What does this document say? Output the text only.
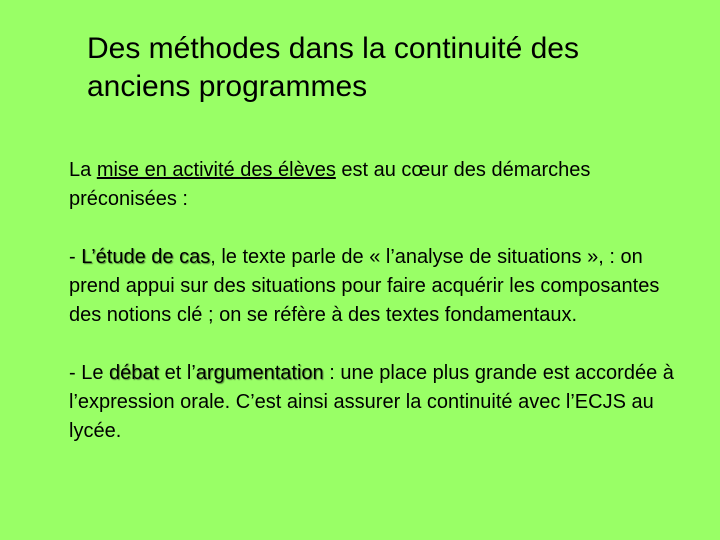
Des méthodes dans la continuité des
anciens programmes

La mise en activité des élèves est au cœur des démarches préconisées :

- L’étude de cas, le texte parle de « l’analyse de situations », : on prend appui sur des situations pour faire acquérir les composantes des notions clé ; on se réfère à des textes fondamentaux.

- Le débat et l’argumentation : une place plus grande est accordée à l’expression orale. C’est ainsi assurer la continuité avec l’ECJS au lycée.
